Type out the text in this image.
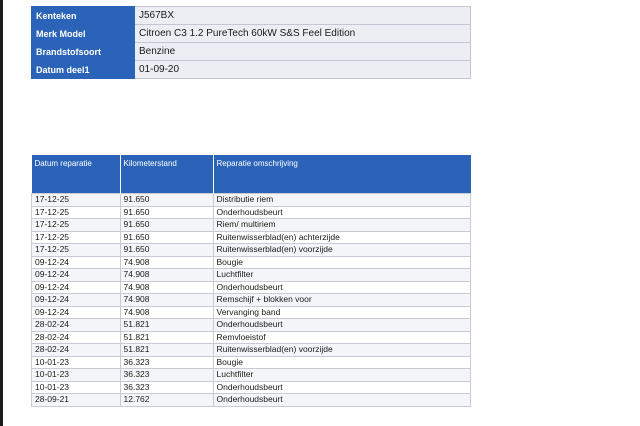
Kenteken	J567BX
Merk Model	Citroen C3 1.2 PureTech 60kW S&S Feel Edition
Brandstofsoort	Benzine
Datum deel1	01-09-20
Datum reparatie	Kilometerstand	Reparatie omschrijving
17-12-25	91.650	Distributie riem
17-12-25	91.650	Onderhoudsbeurt
17-12-25	91.650	Riem/ multiriem
17-12-25	91.650	Ruitenwisserblad(en) achterzijde
17-12-25	91.650	Ruitenwisserblad(en) voorzijde
09-12-24	74.908	Bougie
09-12-24	74.908	Luchtfilter
09-12-24	74.908	Onderhoudsbeurt
09-12-24	74.908	Remschijf + blokken voor
09-12-24	74.908	Vervanging band
28-02-24	51.821	Onderhoudsbeurt
28-02-24	51.821	Remvloeistof
28-02-24	51.821	Ruitenwisserblad(en) voorzijde
10-01-23	36.323	Bougie
10-01-23	36.323	Luchtfilter
10-01-23	36.323	Onderhoudsbeurt
28-09-21	12.762	Onderhoudsbeurt
